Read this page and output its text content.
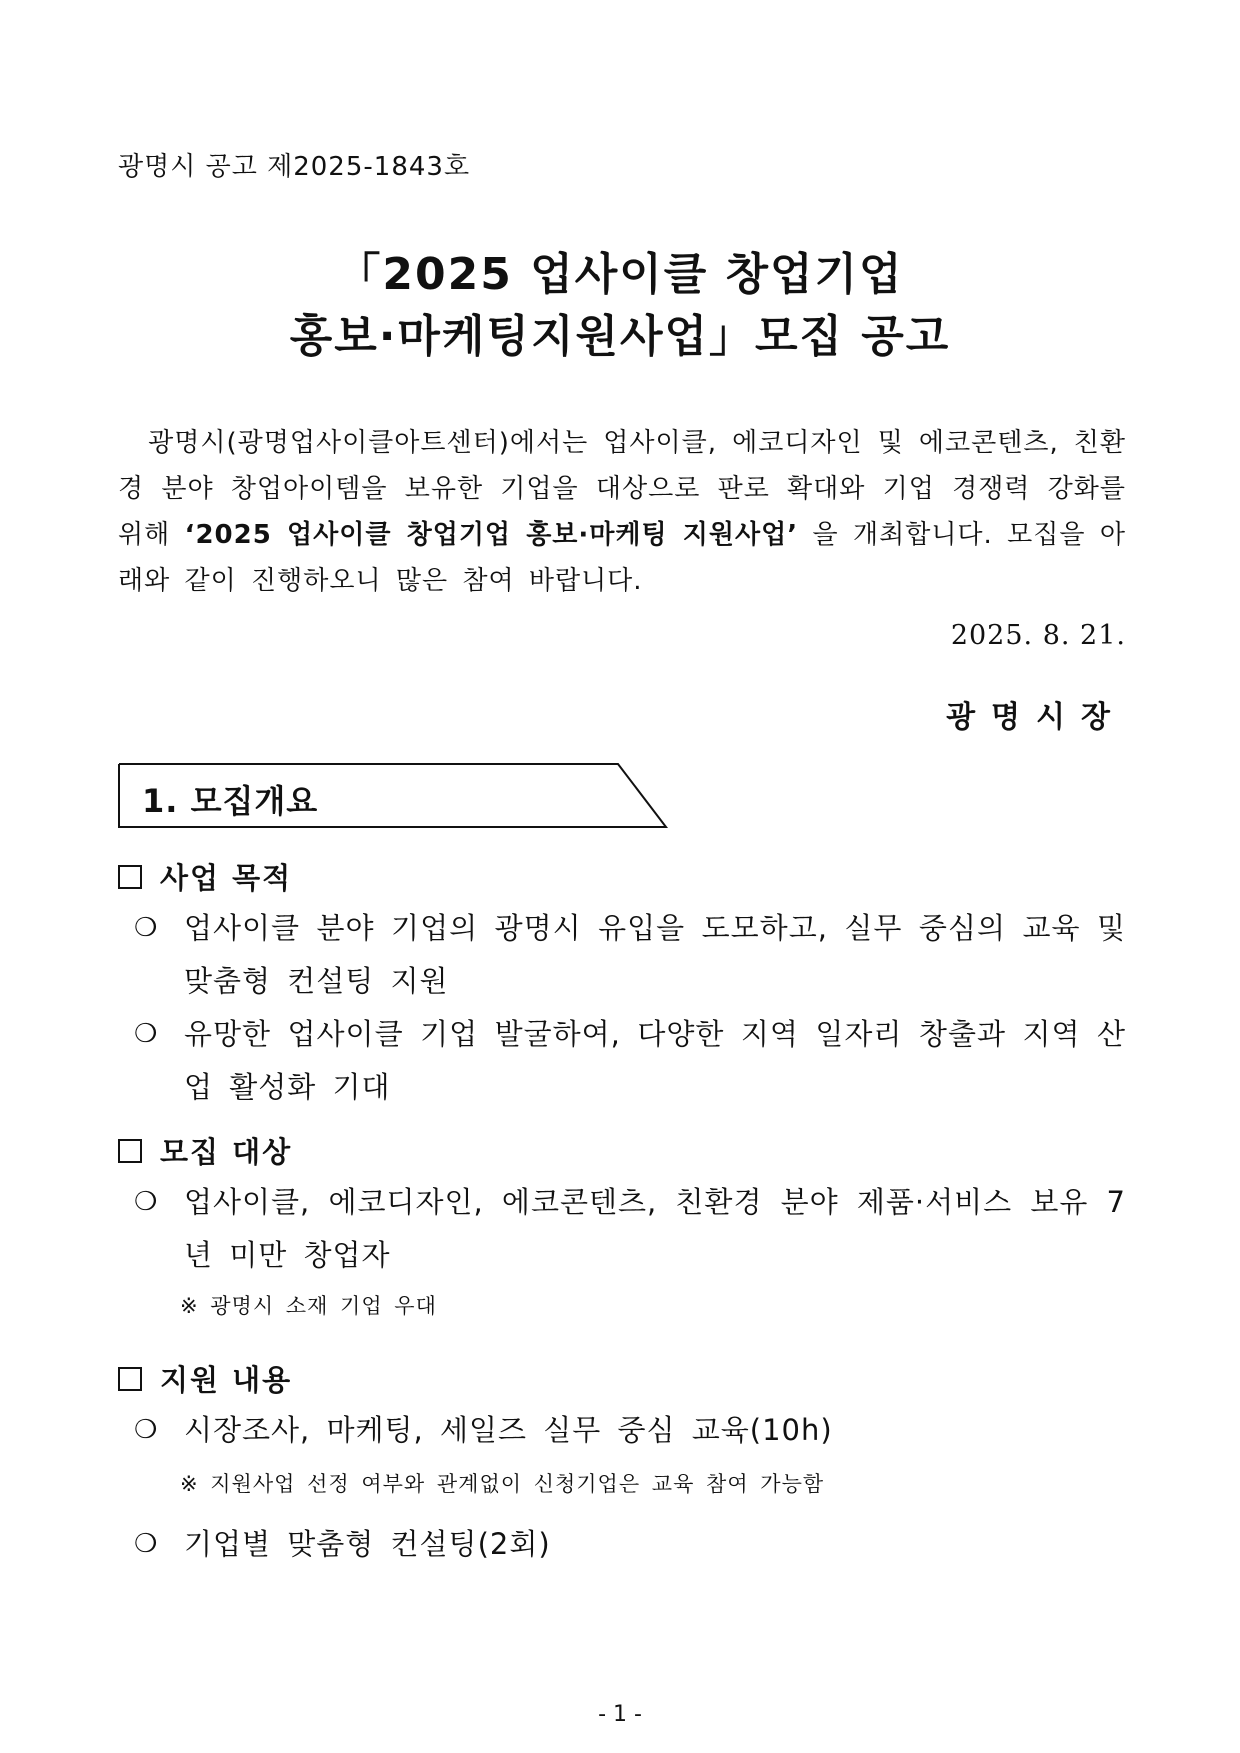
광명시 공고 제2025-1843호
「2025 업사이클 창업기업
홍보·마케팅지원사업」모집 공고
광명시(광명업사이클아트센터)에서는 업사이클, 에코디자인 및 에코콘텐츠, 친환경 분야 창업아이템을 보유한 기업을 대상으로 판로 확대와 기업 경쟁력 강화를 위해 ‘2025 업사이클 창업기업 홍보·마케팅 지원사업’ 을 개최합니다. 모집을 아래와 같이 진행하오니 많은 참여 바랍니다.
2025. 8. 21.
광명시장
1. 모집개요
사업 목적
❍ 업사이클 분야 기업의 광명시 유입을 도모하고, 실무 중심의 교육 및 맞춤형 컨설팅 지원
❍ 유망한 업사이클 기업 발굴하여, 다양한 지역 일자리 창출과 지역 산업 활성화 기대
모집 대상
❍ 업사이클, 에코디자인, 에코콘텐츠, 친환경 분야 제품·서비스 보유 7년 미만 창업자
※ 광명시 소재 기업 우대
지원 내용
❍ 시장조사, 마케팅, 세일즈 실무 중심 교육(10h)
※ 지원사업 선정 여부와 관계없이 신청기업은 교육 참여 가능함
❍ 기업별 맞춤형 컨설팅(2회)
- 1 -
